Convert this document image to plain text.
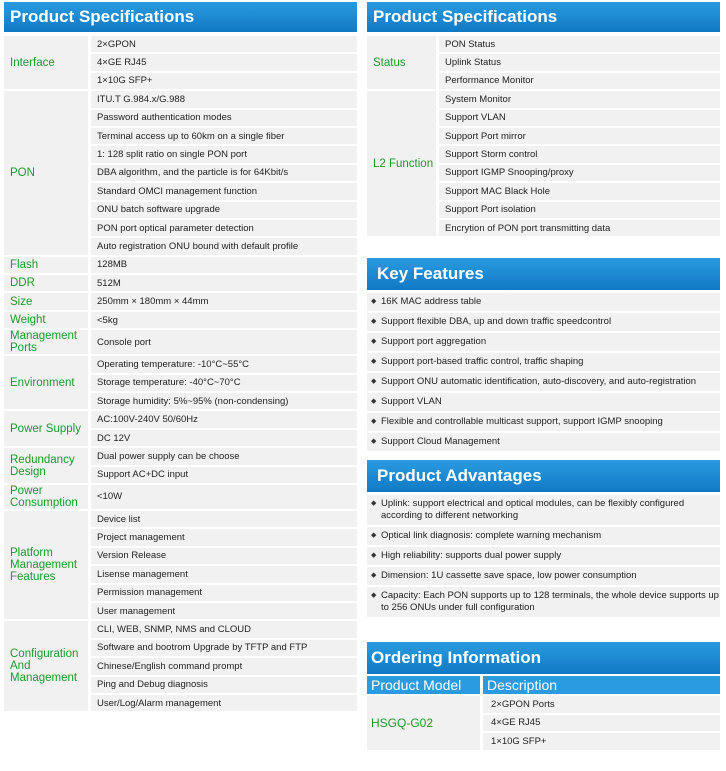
Product Specifications
Interface		2×GPON
		4×GE RJ45
		1×10G SFP+
PON		ITU.T G.984.x/G.988
		Password authentication modes
		Terminal access up to 60km on a single fiber
		1: 128 split ratio on single PON port
		DBA algorithm, and the particle is for 64Kbit/s
		Standard OMCI management function
		ONU batch software upgrade
		PON port optical parameter detection
		Auto registration ONU bound with default profile
Flash		128MB
DDR		512M
Size		250mm × 180mm × 44mm
Weight		<5kg
Management Ports		Console port
Environment		Operating temperature: -10°C~55°C
		Storage temperature: -40°C~70°C
		Storage humidity: 5%~95% (non-condensing)
Power Supply		AC:100V-240V 50/60Hz
		DC 12V
Redundancy Design		Dual power supply can be choose
		Support AC+DC input
Power Consumption		<10W
Platform Management Features		Device list
		Project management
		Version Release
		Lisense management
		Permission management
		User management
Configuration And Management		CLI, WEB, SNMP, NMS and CLOUD
		Software and bootrom Upgrade by TFTP and FTP
		Chinese/English command prompt
		Ping and Debug diagnosis
		User/Log/Alarm management
Product Specifications
Status		PON Status
		Uplink Status
		Performance Monitor
L2 Function		System Monitor
		Support VLAN
		Support Port mirror
		Support Storm control
		Support IGMP Snooping/proxy
		Support MAC Black Hole
		Support Port isolation
		Encrytion of PON port transmitting data
Key Features
◆ 16K MAC address table
◆ Support flexible DBA, up and down traffic speedcontrol
◆ Support port aggregation
◆ Support port-based traffic control, traffic shaping
◆ Support ONU automatic identification, auto-discovery, and auto-registration
◆ Support VLAN
◆ Flexible and controllable multicast support, support IGMP snooping
◆ Support Cloud Management
Product Advantages
◆ Uplink: support electrical and optical modules, can be flexibly configured according to different networking
◆ Optical link diagnosis: complete warning mechanism
◆ High reliability: supports dual power supply
◆ Dimension: 1U cassette save space, low power consumption
◆ Capacity: Each PON supports up to 128 terminals, the whole device supports up to 256 ONUs under full configuration
Ordering Information
Product Model		Description
HSGQ-G02		2×GPON Ports
		4×GE RJ45
		1×10G SFP+
